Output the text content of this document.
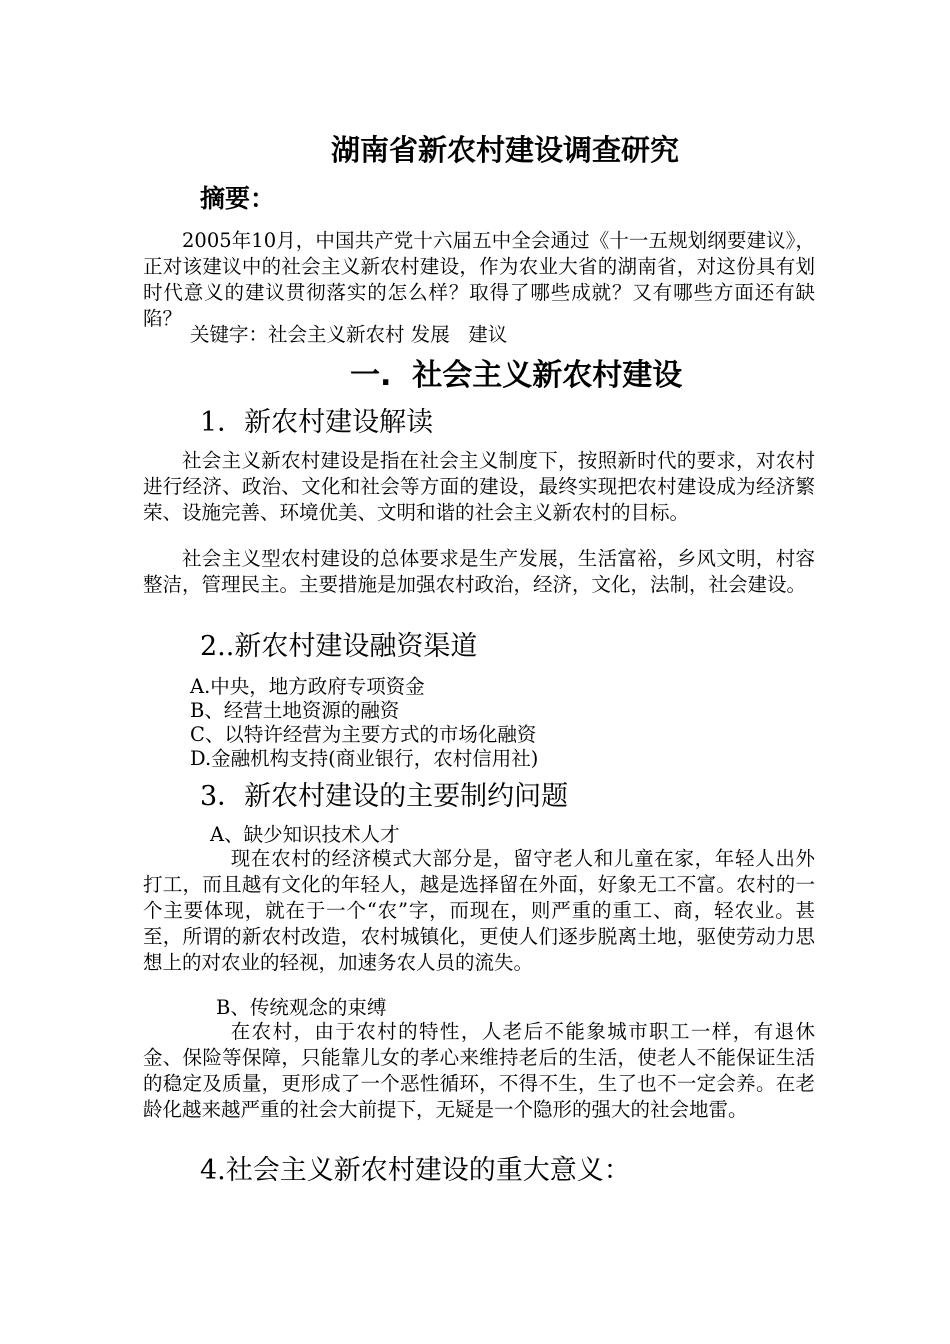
湖南省新农村建设调查研究
摘要：

2005年10月，中国共产党十六届五中全会通过《十一五规划纲要建议》，正对该建议中的社会主义新农村建设，作为农业大省的湖南省，对这份具有划时代意义的建议贯彻落实的怎么样？取得了哪些成就？又有哪些方面还有缺陷？

关键字：社会主义新农村 发展   建议
一.  社会主义新农村建设
1．新农村建设解读

社会主义新农村建设是指在社会主义制度下，按照新时代的要求，对农村进行经济、政治、文化和社会等方面的建设，最终实现把农村建设成为经济繁荣、设施完善、环境优美、文明和谐的社会主义新农村的目标。

社会主义型农村建设的总体要求是生产发展，生活富裕，乡风文明，村容整洁，管理民主。主要措施是加强农村政治，经济，文化，法制，社会建设。

2..新农村建设融资渠道
A.中央，地方政府专项资金
B、经营土地资源的融资
C、以特许经营为主要方式的市场化融资
D.金融机构支持(商业银行，农村信用社)
3．新农村建设的主要制约问题
A、缺少知识技术人才

现在农村的经济模式大部分是，留守老人和儿童在家，年轻人出外打工，而且越有文化的年轻人，越是选择留在外面，好象无工不富。农村的一个主要体现，就在于一个“农”字，而现在，则严重的重工、商，轻农业。甚至，所谓的新农村改造，农村城镇化，更使人们逐步脱离土地，驱使劳动力思想上的对农业的轻视，加速务农人员的流失。

B、传统观念的束缚

在农村，由于农村的特性，人老后不能象城市职工一样，有退休金、保险等保障，只能靠儿女的孝心来维持老后的生活，使老人不能保证生活的稳定及质量，更形成了一个恶性循环，不得不生，生了也不一定会养。在老龄化越来越严重的社会大前提下，无疑是一个隐形的强大的社会地雷。

4.社会主义新农村建设的重大意义：
